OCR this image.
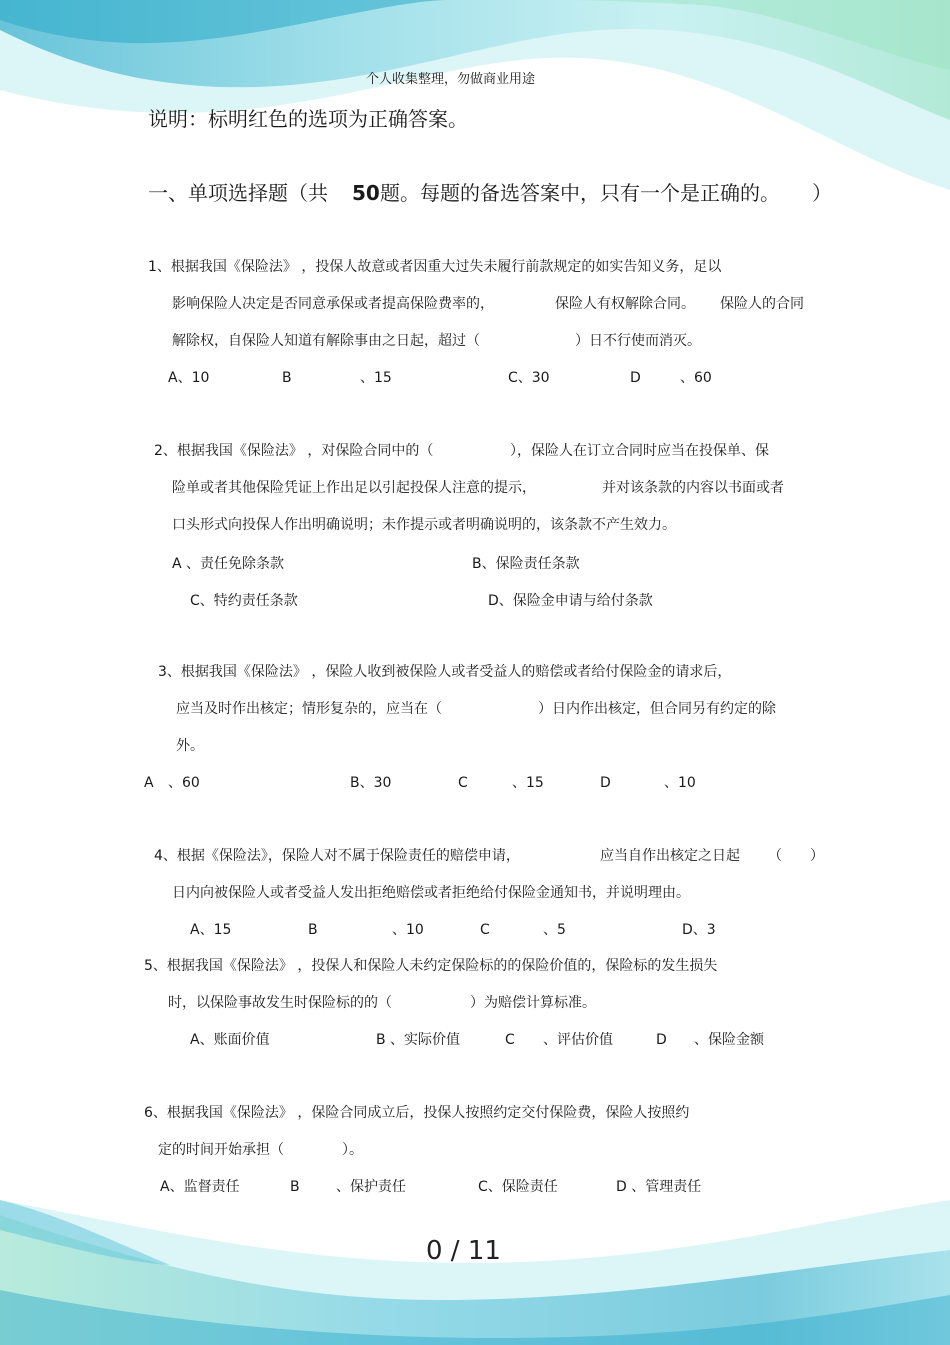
个人收集整理，勿做商业用途
说明：标明红色的选项为正确答案。
一、单项选择题（共 50 题。每题的备选答案中，只有一个是正确的。 ）
1、根据我国《保险法》 ，投保人故意或者因重大过失未履行前款规定的如实告知义务，足以
影响保险人决定是否同意承保或者提高保险费率的，	保险人有权解除合同。 保险人的合同
解除权，自保险人知道有解除事由之日起，超过（	）日不行使而消灭。
A、10	B	、15	C、30	D	、60
2、根据我国《保险法》 ，对保险合同中的（	），保险人在订立合同时应当在投保单、保
险单或者其他保险凭证上作出足以引起投保人注意的提示，	并对该条款的内容以书面或者
口头形式向投保人作出明确说明；未作提示或者明确说明的，该条款不产生效力。
A 、责任免除条款	B、保险责任条款
C、特约责任条款	D、保险金申请与给付条款
3、根据我国《保险法》 ，保险人收到被保险人或者受益人的赔偿或者给付保险金的请求后，
应当及时作出核定；情形复杂的，应当在（	）日内作出核定，但合同另有约定的除
外。
A 、60	B、30	C	、15	D	、10
4、根据《保险法》，保险人对不属于保险责任的赔偿申请，	应当自作出核定之日起 （ ）
日内向被保险人或者受益人发出拒绝赔偿或者拒绝给付保险金通知书，并说明理由。
A、15	B	、10	C	、5	D、3
5、根据我国《保险法》 ，投保人和保险人未约定保险标的的保险价值的，保险标的发生损失
时，以保险事故发生时保险标的的（	）为赔偿计算标准。
A、账面价值	B 、实际价值	C 、评估价值	D 、保险金额
6、根据我国《保险法》 ，保险合同成立后，投保人按照约定交付保险费，保险人按照约
定的时间开始承担（	）。
A、监督责任	B	、保护责任	C、保险责任	D 、管理责任
0 / 11
